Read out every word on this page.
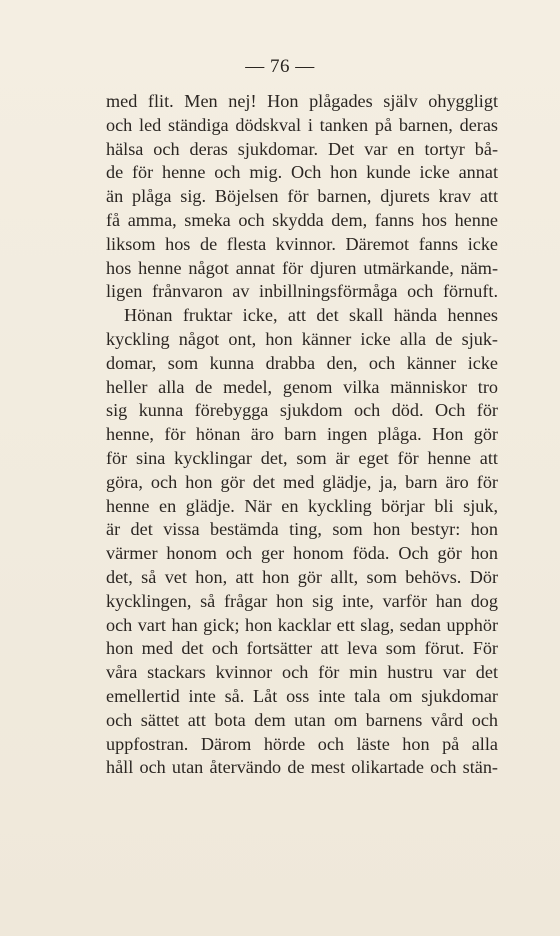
— 76 —
med flit. Men nej! Hon plågades själv ohyggligt
och led ständiga dödskval i tanken på barnen, deras
hälsa och deras sjukdomar. Det var en tortyr bå-
de för henne och mig. Och hon kunde icke annat
än plåga sig. Böjelsen för barnen, djurets krav att
få amma, smeka och skydda dem, fanns hos henne
liksom hos de flesta kvinnor. Däremot fanns icke
hos henne något annat för djuren utmärkande, näm-
ligen frånvaron av inbillningsförmåga och förnuft.
Hönan fruktar icke, att det skall hända hennes
kyckling något ont, hon känner icke alla de sjuk-
domar, som kunna drabba den, och känner icke
heller alla de medel, genom vilka människor tro
sig kunna förebygga sjukdom och död. Och för
henne, för hönan äro barn ingen plåga. Hon gör
för sina kycklingar det, som är eget för henne att
göra, och hon gör det med glädje, ja, barn äro för
henne en glädje. När en kyckling börjar bli sjuk,
är det vissa bestämda ting, som hon bestyr: hon
värmer honom och ger honom föda. Och gör hon
det, så vet hon, att hon gör allt, som behövs. Dör
kycklingen, så frågar hon sig inte, varför han dog
och vart han gick; hon kacklar ett slag, sedan upphör
hon med det och fortsätter att leva som förut. För
våra stackars kvinnor och för min hustru var det
emellertid inte så. Låt oss inte tala om sjukdomar
och sättet att bota dem utan om barnens vård och
uppfostran. Därom hörde och läste hon på alla
håll och utan återvändo de mest olikartade och stän-
